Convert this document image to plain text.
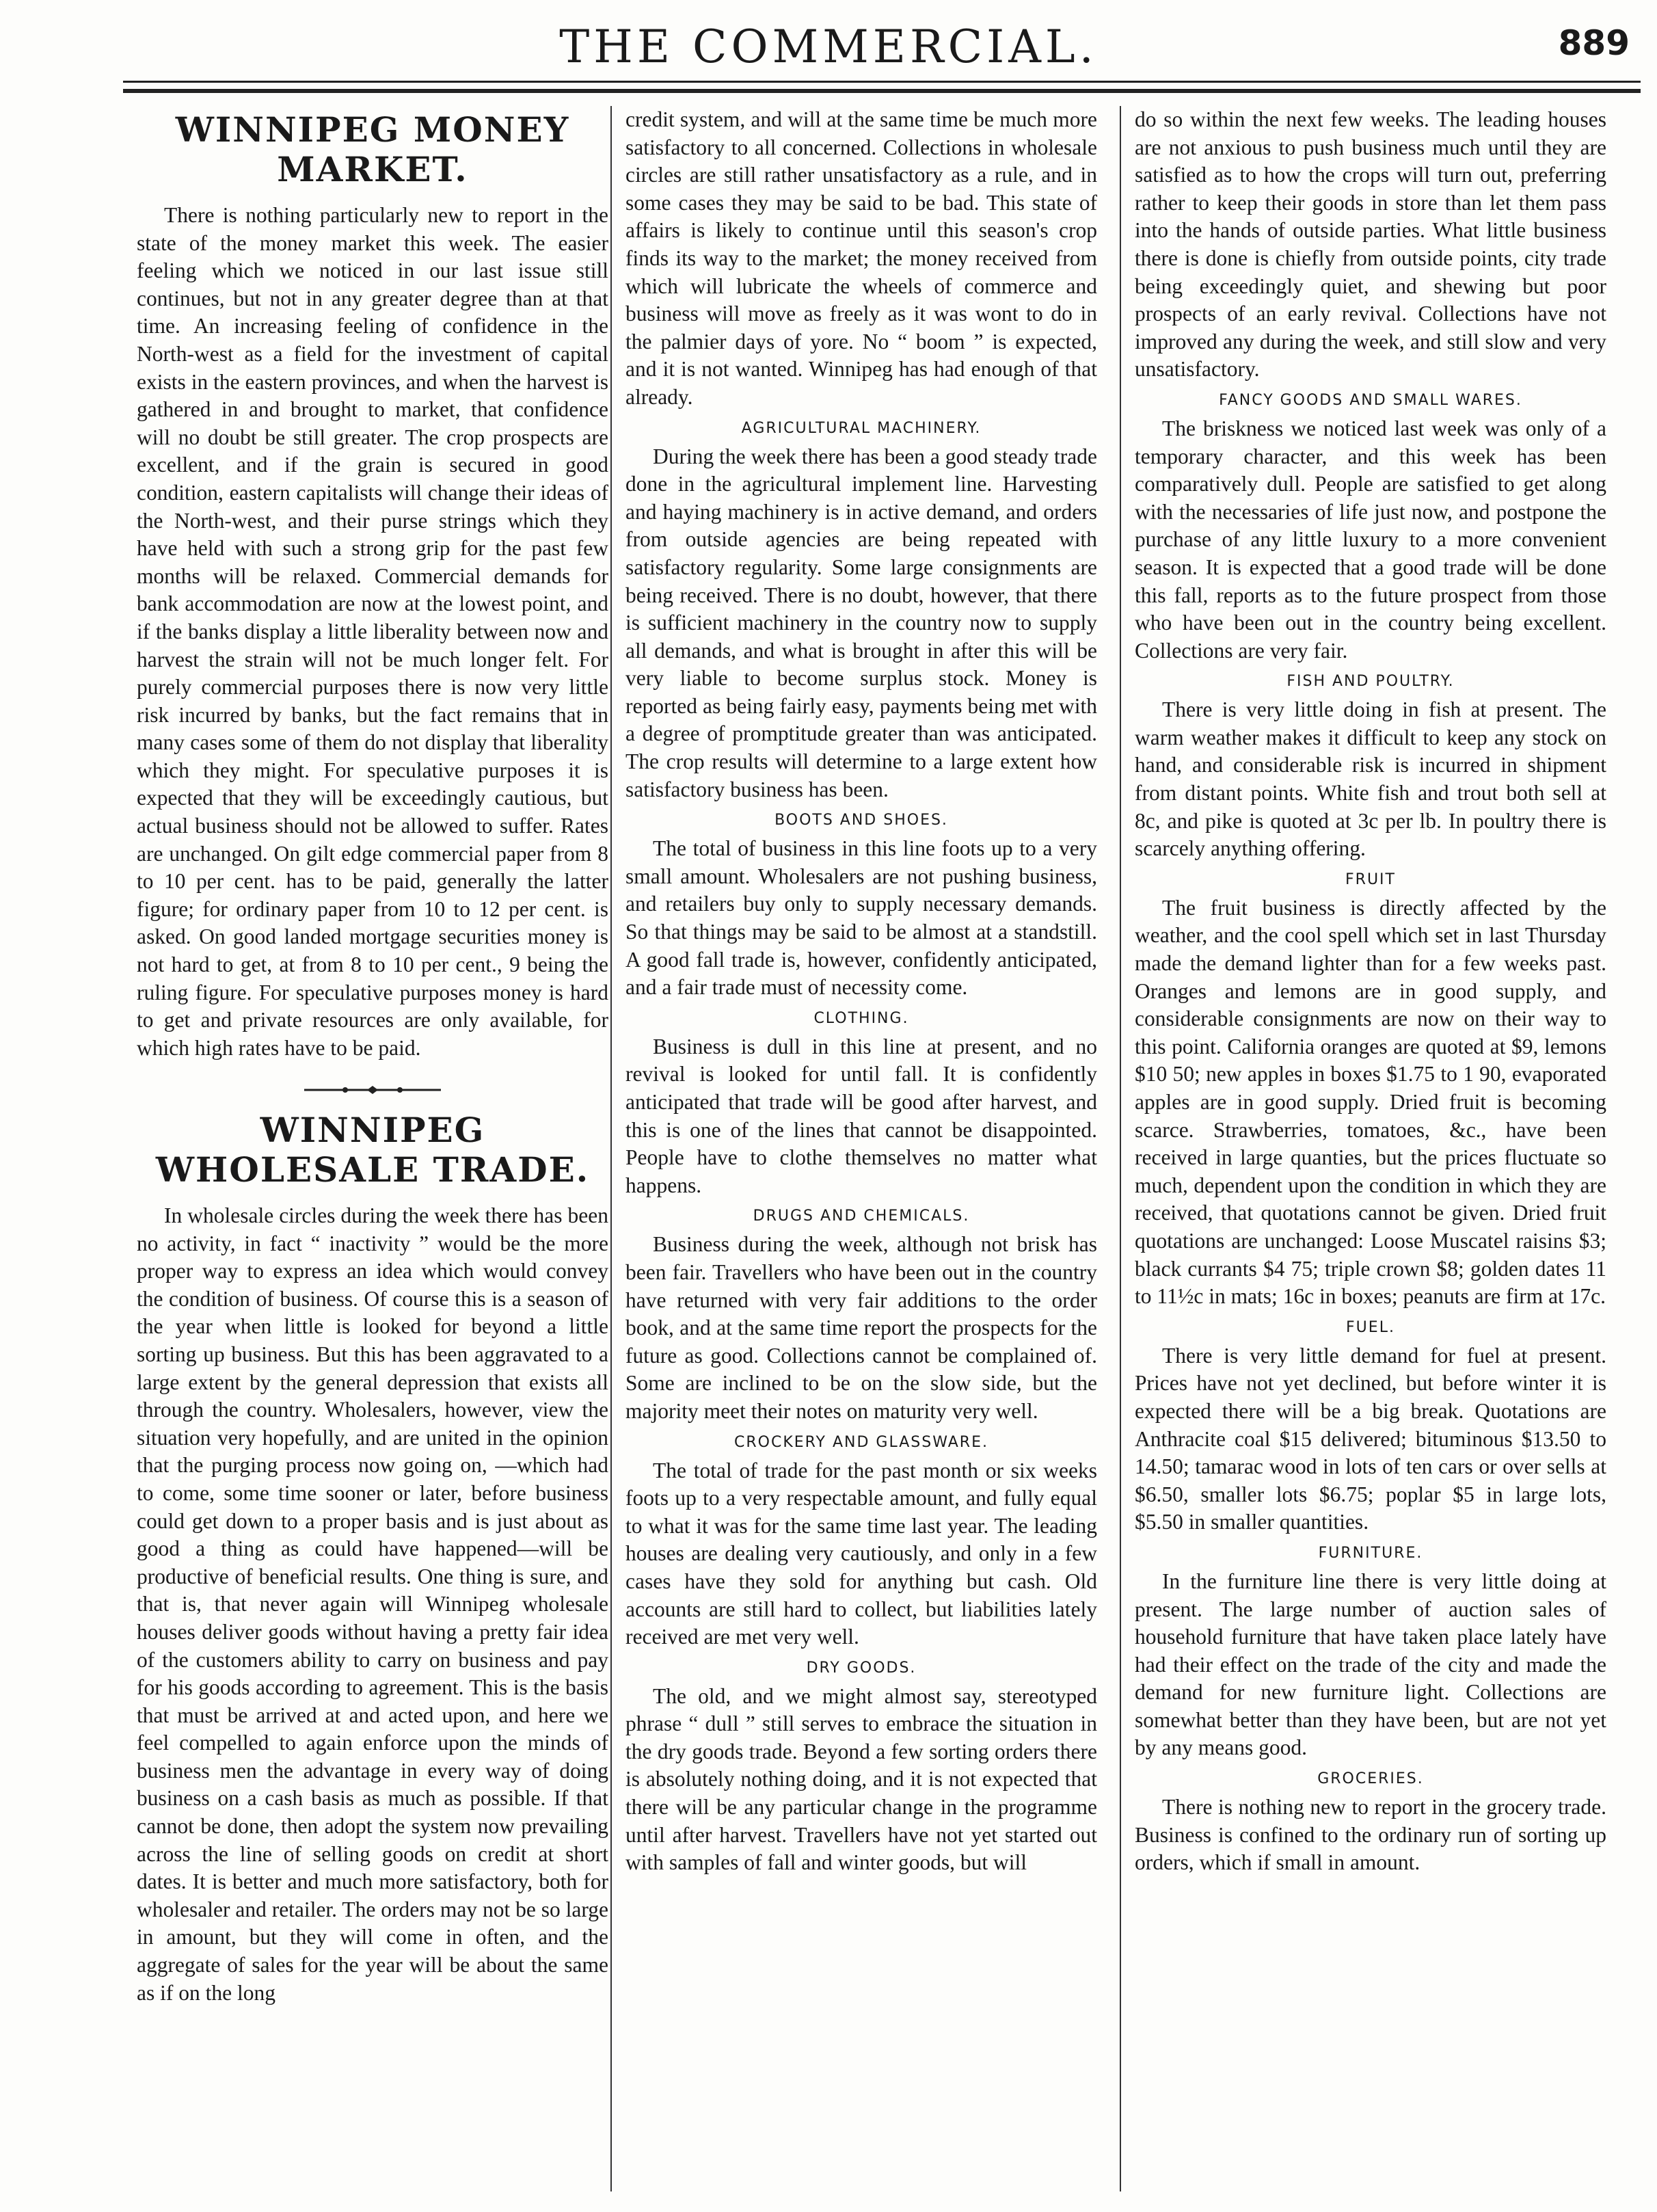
THE COMMERCIAL.	889
WINNIPEG MONEY MARKET.

There is nothing particularly new to report in the state of the money market this week. The easier feeling which we noticed in our last issue still continues, but not in any greater degree than at that time. An increasing feeling of confidence in the North-west as a field for the investment of capital exists in the eastern provinces, and when the harvest is gathered in and brought to market, that confidence will no doubt be still greater. The crop prospects are excellent, and if the grain is secured in good condition, eastern capitalists will change their ideas of the North-west, and their purse strings which they have held with such a strong grip for the past few months will be relaxed. Commercial demands for bank accommodation are now at the lowest point, and if the banks display a little liberality between now and harvest the strain will not be much longer felt. For purely commercial purposes there is now very little risk incurred by banks, but the fact remains that in many cases some of them do not display that liberality which they might. For speculative purposes it is expected that they will be exceedingly cautious, but actual business should not be allowed to suffer. Rates are unchanged. On gilt edge commercial paper from 8 to 10 per cent. has to be paid, generally the latter figure; for ordinary paper from 10 to 12 per cent. is asked. On good landed mortgage securities money is not hard to get, at from 8 to 10 per cent., 9 being the ruling figure. For speculative purposes money is hard to get and private resources are only available, for which high rates have to be paid.

WINNIPEG WHOLESALE TRADE.

In wholesale circles during the week there has been no activity, in fact “ inactivity ” would be the more proper way to express an idea which would convey the condition of business. Of course this is a season of the year when little is looked for beyond a little sorting up business. But this has been aggravated to a large extent by the general depression that exists all through the country. Wholesalers, however, view the situation very hopefully, and are united in the opinion that the purging process now going on, —which had to come, some time sooner or later, before business could get down to a proper basis and is just about as good a thing as could have happened—will be productive of beneficial results. One thing is sure, and that is, that never again will Winnipeg wholesale houses deliver goods without having a pretty fair idea of the customers ability to carry on business and pay for his goods according to agreement. This is the basis that must be arrived at and acted upon, and here we feel compelled to again enforce upon the minds of business men the advantage in every way of doing business on a cash basis as much as possible. If that cannot be done, then adopt the system now prevailing across the line of selling goods on credit at short dates. It is better and much more satisfactory, both for wholesaler and retailer. The orders may not be so large in amount, but they will come in often, and the aggregate of sales for the year will be about the same as if on the long

credit system, and will at the same time be much more satisfactory to all concerned. Collections in wholesale circles are still rather unsatisfactory as a rule, and in some cases they may be said to be bad. This state of affairs is likely to continue until this season's crop finds its way to the market; the money received from which will lubricate the wheels of commerce and business will move as freely as it was wont to do in the palmier days of yore. No “ boom ” is expected, and it is not wanted. Winnipeg has had enough of that already.

AGRICULTURAL MACHINERY.

During the week there has been a good steady trade done in the agricultural implement line. Harvesting and haying machinery is in active demand, and orders from outside agencies are being repeated with satisfactory regularity. Some large consignments are being received. There is no doubt, however, that there is sufficient machinery in the country now to supply all demands, and what is brought in after this will be very liable to become surplus stock. Money is reported as being fairly easy, payments being met with a degree of promptitude greater than was anticipated. The crop results will determine to a large extent how satisfactory business has been.

BOOTS AND SHOES.

The total of business in this line foots up to a very small amount. Wholesalers are not pushing business, and retailers buy only to supply necessary demands. So that things may be said to be almost at a standstill. A good fall trade is, however, confidently anticipated, and a fair trade must of necessity come.

CLOTHING.

Business is dull in this line at present, and no revival is looked for until fall. It is confidently anticipated that trade will be good after harvest, and this is one of the lines that cannot be disappointed. People have to clothe themselves no matter what happens.

DRUGS AND CHEMICALS.

Business during the week, although not brisk has been fair. Travellers who have been out in the country have returned with very fair additions to the order book, and at the same time report the prospects for the future as good. Collections cannot be complained of. Some are inclined to be on the slow side, but the majority meet their notes on maturity very well.

CROCKERY AND GLASSWARE.

The total of trade for the past month or six weeks foots up to a very respectable amount, and fully equal to what it was for the same time last year. The leading houses are dealing very cautiously, and only in a few cases have they sold for anything but cash. Old accounts are still hard to collect, but liabilities lately received are met very well.

DRY GOODS.

The old, and we might almost say, stereotyped phrase “ dull ” still serves to embrace the situation in the dry goods trade. Beyond a few sorting orders there is absolutely nothing doing, and it is not expected that there will be any particular change in the programme until after harvest. Travellers have not yet started out with samples of fall and winter goods, but will

do so within the next few weeks. The leading houses are not anxious to push business much until they are satisfied as to how the crops will turn out, preferring rather to keep their goods in store than let them pass into the hands of outside parties. What little business there is done is chiefly from outside points, city trade being exceedingly quiet, and shewing but poor prospects of an early revival. Collections have not improved any during the week, and still slow and very unsatisfactory.

FANCY GOODS AND SMALL WARES.

The briskness we noticed last week was only of a temporary character, and this week has been comparatively dull. People are satisfied to get along with the necessaries of life just now, and postpone the purchase of any little luxury to a more convenient season. It is expected that a good trade will be done this fall, reports as to the future prospect from those who have been out in the country being excellent. Collections are very fair.

FISH AND POULTRY.

There is very little doing in fish at present. The warm weather makes it difficult to keep any stock on hand, and considerable risk is incurred in shipment from distant points. White fish and trout both sell at 8c, and pike is quoted at 3c per lb. In poultry there is scarcely anything offering.

FRUIT

The fruit business is directly affected by the weather, and the cool spell which set in last Thursday made the demand lighter than for a few weeks past. Oranges and lemons are in good supply, and considerable consignments are now on their way to this point. California oranges are quoted at $9, lemons $10 50; new apples in boxes $1.75 to 1 90, evaporated apples are in good supply. Dried fruit is becoming scarce. Strawberries, tomatoes, &c., have been received in large quanties, but the prices fluctuate so much, dependent upon the condition in which they are received, that quotations cannot be given. Dried fruit quotations are unchanged: Loose Muscatel raisins $3; black currants $4 75; triple crown $8; golden dates 11 to 11½c in mats; 16c in boxes; peanuts are firm at 17c.

FUEL.

There is very little demand for fuel at present. Prices have not yet declined, but before winter it is expected there will be a big break. Quotations are Anthracite coal $15 delivered; bituminous $13.50 to 14.50; tamarac wood in lots of ten cars or over sells at $6.50, smaller lots $6.75; poplar $5 in large lots, $5.50 in smaller quantities.

FURNITURE.

In the furniture line there is very little doing at present. The large number of auction sales of household furniture that have taken place lately have had their effect on the trade of the city and made the demand for new furniture light. Collections are somewhat better than they have been, but are not yet by any means good.

GROCERIES.

There is nothing new to report in the grocery trade. Business is confined to the ordinary run of sorting up orders, which if small in amount.
